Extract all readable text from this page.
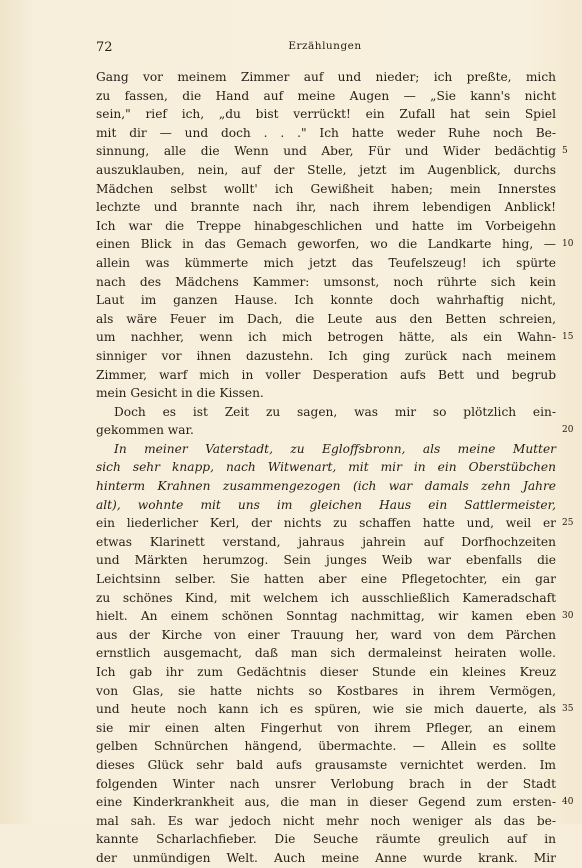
72	Erzählungen
Gang vor meinem Zimmer auf und nieder; ich preßte, mich
zu fassen, die Hand auf meine Augen — „Sie kann's nicht
sein," rief ich, „du bist verrückt! ein Zufall hat sein Spiel
mit dir — und doch . . ." Ich hatte weder Ruhe noch Be-
sinnung, alle die Wenn und Aber, Für und Wider bedächtig 5
auszuklauben, nein, auf der Stelle, jetzt im Augenblick, durchs
Mädchen selbst wollt' ich Gewißheit haben; mein Innerstes
lechzte und brannte nach ihr, nach ihrem lebendigen Anblick!
Ich war die Treppe hinabgeschlichen und hatte im Vorbeigehn
einen Blick in das Gemach geworfen, wo die Landkarte hing, — 10
allein was kümmerte mich jetzt das Teufelszeug! ich spürte
nach des Mädchens Kammer: umsonst, noch rührte sich kein
Laut im ganzen Hause. Ich konnte doch wahrhaftig nicht,
als wäre Feuer im Dach, die Leute aus den Betten schreien,
um nachher, wenn ich mich betrogen hätte, als ein Wahn- 15
sinniger vor ihnen dazustehn. Ich ging zurück nach meinem
Zimmer, warf mich in voller Desperation aufs Bett und begrub
mein Gesicht in die Kissen.
Doch es ist Zeit zu sagen, was mir so plötzlich ein-
gekommen war.	20
In meiner Vaterstadt, zu Egloffsbronn, als meine Mutter
sich sehr knapp, nach Witwenart, mit mir in ein Oberstübchen
hinterm Krahnen zusammengezogen (ich war damals zehn Jahre
alt), wohnte mit uns im gleichen Haus ein Sattlermeister,
ein liederlicher Kerl, der nichts zu schaffen hatte und, weil er 25
etwas Klarinett verstand, jahraus jahrein auf Dorfhochzeiten
und Märkten herumzog. Sein junges Weib war ebenfalls die
Leichtsinn selber. Sie hatten aber eine Pflegetochter, ein gar
zu schönes Kind, mit welchem ich ausschließlich Kameradschaft
hielt. An einem schönen Sonntag nachmittag, wir kamen eben 30
aus der Kirche von einer Trauung her, ward von dem Pärchen
ernstlich ausgemacht, daß man sich dermaleinst heiraten wolle.
Ich gab ihr zum Gedächtnis dieser Stunde ein kleines Kreuz
von Glas, sie hatte nichts so Kostbares in ihrem Vermögen,
und heute noch kann ich es spüren, wie sie mich dauerte, als 35
sie mir einen alten Fingerhut von ihrem Pfleger, an einem
gelben Schnürchen hängend, übermachte. — Allein es sollte
dieses Glück sehr bald aufs grausamste vernichtet werden. Im
folgenden Winter nach unsrer Verlobung brach in der Stadt
eine Kinderkrankheit aus, die man in dieser Gegend zum ersten- 40
mal sah. Es war jedoch nicht mehr noch weniger als das be-
kannte Scharlachfieber. Die Seuche räumte greulich auf in
der unmündigen Welt. Auch meine Anne wurde krank. Mir
